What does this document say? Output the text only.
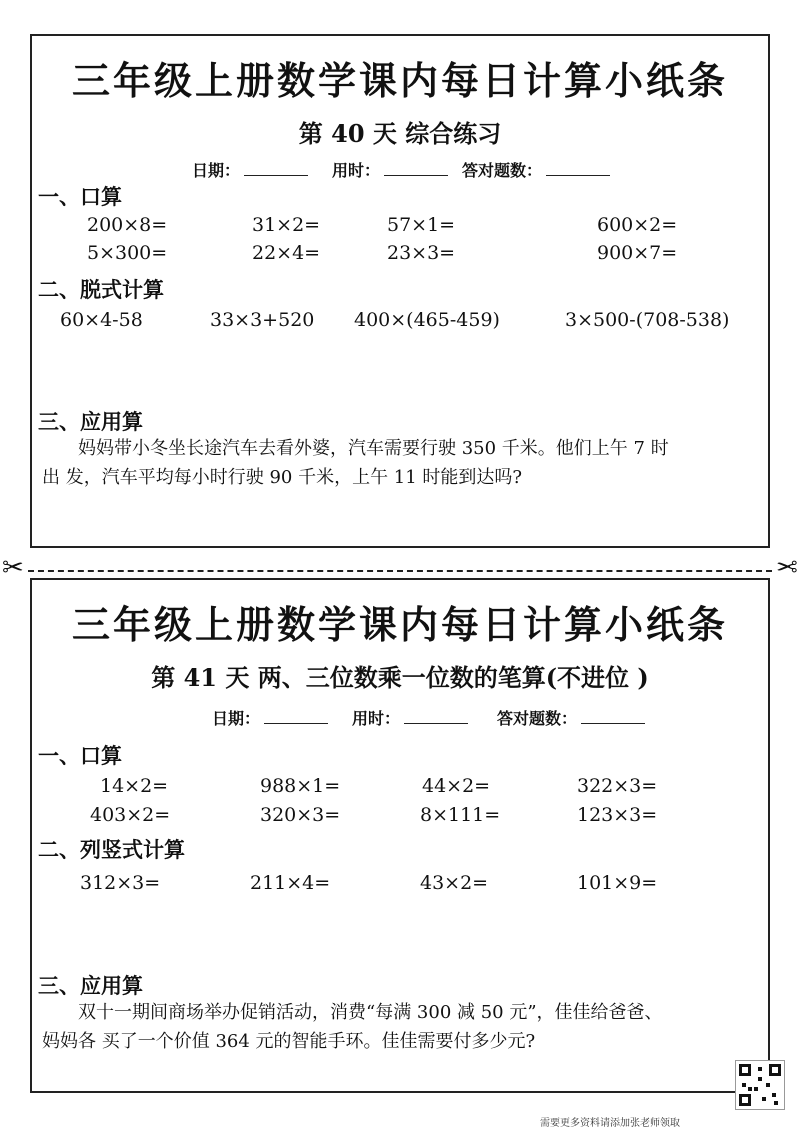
三年级上册数学课内每日计算小纸条
第 40 天 综合练习
日期：	用时：	答对题数：
一、口算
200×8=	31×2=	57×1=	600×2=
5×300=	22×4=	23×3=	900×7=
二、脱式计算
60×4-58	33×3+520 400×(465-459)	3×500-(708-538)
三、应用算
妈妈带小冬坐长途汽车去看外婆，汽车需要行驶 350 千米。他们上午 7 时
出 发，汽车平均每小时行驶 90 千米，上午 11 时能到达吗?
✂	✂
三年级上册数学课内每日计算小纸条
第 41 天 两、三位数乘一位数的笔算(不进位 )
日期：	用时：	答对题数：
一、口算
14×2=	988×1=	44×2=	322×3=
403×2=	320×3=	8×111=	123×3=
二、列竖式计算
312×3=	211×4=	43×2=	101×9=
三、应用算
双十一期间商场举办促销活动，消费“每满 300 减 50 元”，佳佳给爸爸、
妈妈各 买了一个价值 364 元的智能手环。佳佳需要付多少元?
需要更多资料请添加张老师领取
